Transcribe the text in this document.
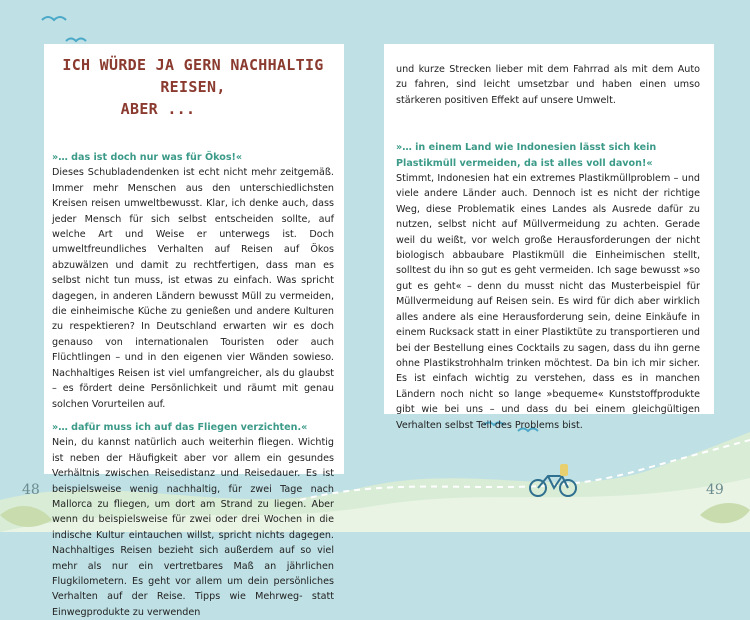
ICH WÜRDE JA GERN NACHHALTIG REISEN,
ABER ...

»… das ist doch nur was für Ökos!«

Dieses Schubladendenken ist echt nicht mehr zeitgemäß. Immer mehr Menschen aus den unterschiedlichsten Kreisen reisen umweltbewusst. Klar, ich denke auch, dass jeder Mensch für sich selbst entscheiden sollte, auf welche Art und Weise er unterwegs ist. Doch umweltfreundliches Verhalten auf Reisen auf Ökos abzuwälzen und damit zu rechtfertigen, dass man es selbst nicht tun muss, ist etwas zu einfach. Was spricht dagegen, in anderen Ländern bewusst Müll zu vermeiden, die einheimische Küche zu genießen und andere Kulturen zu respektieren? In Deutschland erwarten wir es doch genauso von internationalen Touristen oder auch Flüchtlingen – und in den eigenen vier Wänden sowieso. Nachhaltiges Reisen ist viel umfangreicher, als du glaubst – es fördert deine Persönlichkeit und räumt mit genau solchen Vorurteilen auf.

»… dafür muss ich auf das Fliegen verzichten.«

Nein, du kannst natürlich auch weiterhin fliegen. Wichtig ist neben der Häufigkeit aber vor allem ein gesundes Verhältnis zwischen Reisedistanz und Reisedauer. Es ist beispielsweise wenig nachhaltig, für zwei Tage nach Mallorca zu fliegen, um dort am Strand zu liegen. Aber wenn du beispielsweise für zwei oder drei Wochen in die indische Kultur eintauchen willst, spricht nichts dagegen. Nachhaltiges Reisen bezieht sich außerdem auf so viel mehr als nur ein vertretbares Maß an jährlichen Flugkilometern. Es geht vor allem um dein persönliches Verhalten auf der Reise. Tipps wie Mehrweg- statt Einwegprodukte zu verwenden

und kurze Strecken lieber mit dem Fahrrad als mit dem Auto zu fahren, sind leicht umsetzbar und haben einen umso stärkeren positiven Effekt auf unsere Umwelt.

»… in einem Land wie Indonesien lässt sich kein Plastikmüll vermeiden, da ist alles voll davon!«

Stimmt, Indonesien hat ein extremes Plastikmüllproblem – und viele andere Länder auch. Dennoch ist es nicht der richtige Weg, diese Problematik eines Landes als Ausrede dafür zu nutzen, selbst nicht auf Müllvermeidung zu achten. Gerade weil du weißt, vor welch große Herausforderungen der nicht biologisch abbaubare Plastikmüll die Einheimischen stellt, solltest du ihn so gut es geht vermeiden. Ich sage bewusst »so gut es geht« – denn du musst nicht das Musterbeispiel für Müllvermeidung auf Reisen sein. Es wird für dich aber wirklich alles andere als eine Herausforderung sein, deine Einkäufe in einem Rucksack statt in einer Plastiktüte zu transportieren und bei der Bestellung eines Cocktails zu sagen, dass du ihn gerne ohne Plastikstrohhalm trinken möchtest. Da bin ich mir sicher. Es ist einfach wichtig zu verstehen, dass es in manchen Ländern noch nicht so lange »bequeme« Kunststoffprodukte gibt wie bei uns – und dass du bei einem gleichgültigen Verhalten selbst Teil des Problems bist.

48	49
